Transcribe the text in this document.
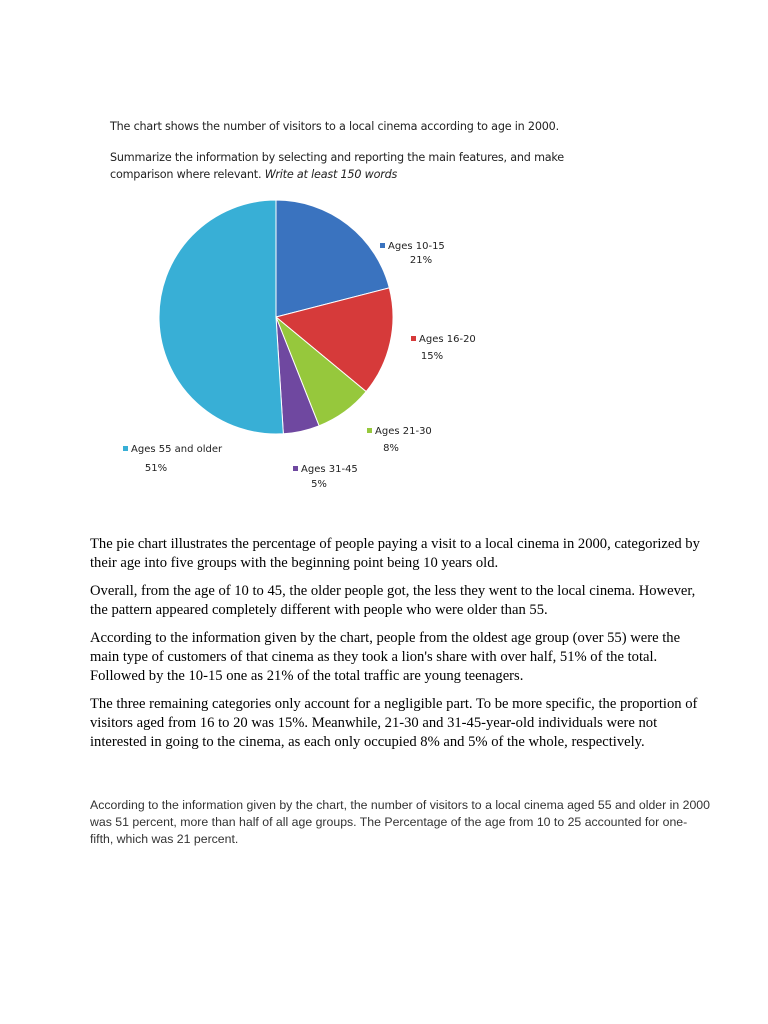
The chart shows the number of visitors to a local cinema according to age in 2000.

Summarize the information by selecting and reporting the main features, and make comparison where relevant. Write at least 150 words

Ages 10-15
21%
Ages 16-20
15%
Ages 21-30
8%
Ages 31-45
5%
Ages 55 and older
51%

The pie chart illustrates the percentage of people paying a visit to a local cinema in 2000, categorized by their age into five groups with the beginning point being 10 years old.

Overall, from the age of 10 to 45, the older people got, the less they went to the local cinema. However, the pattern appeared completely different with people who were older than 55.

According to the information given by the chart, people from the oldest age group (over 55) were the main type of customers of that cinema as they took a lion's share with over half, 51% of the total. Followed by the 10-15 one as 21% of the total traffic are young teenagers.

The three remaining categories only account for a negligible part. To be more specific, the proportion of visitors aged from 16 to 20 was 15%. Meanwhile, 21-30 and 31-45-year-old individuals were not interested in going to the cinema, as each only occupied 8% and 5% of the whole, respectively.

According to the information given by the chart, the number of visitors to a local cinema aged 55 and older in 2000 was 51 percent, more than half of all age groups. The Percentage of the age from 10 to 25 accounted for one-fifth, which was 21 percent.
